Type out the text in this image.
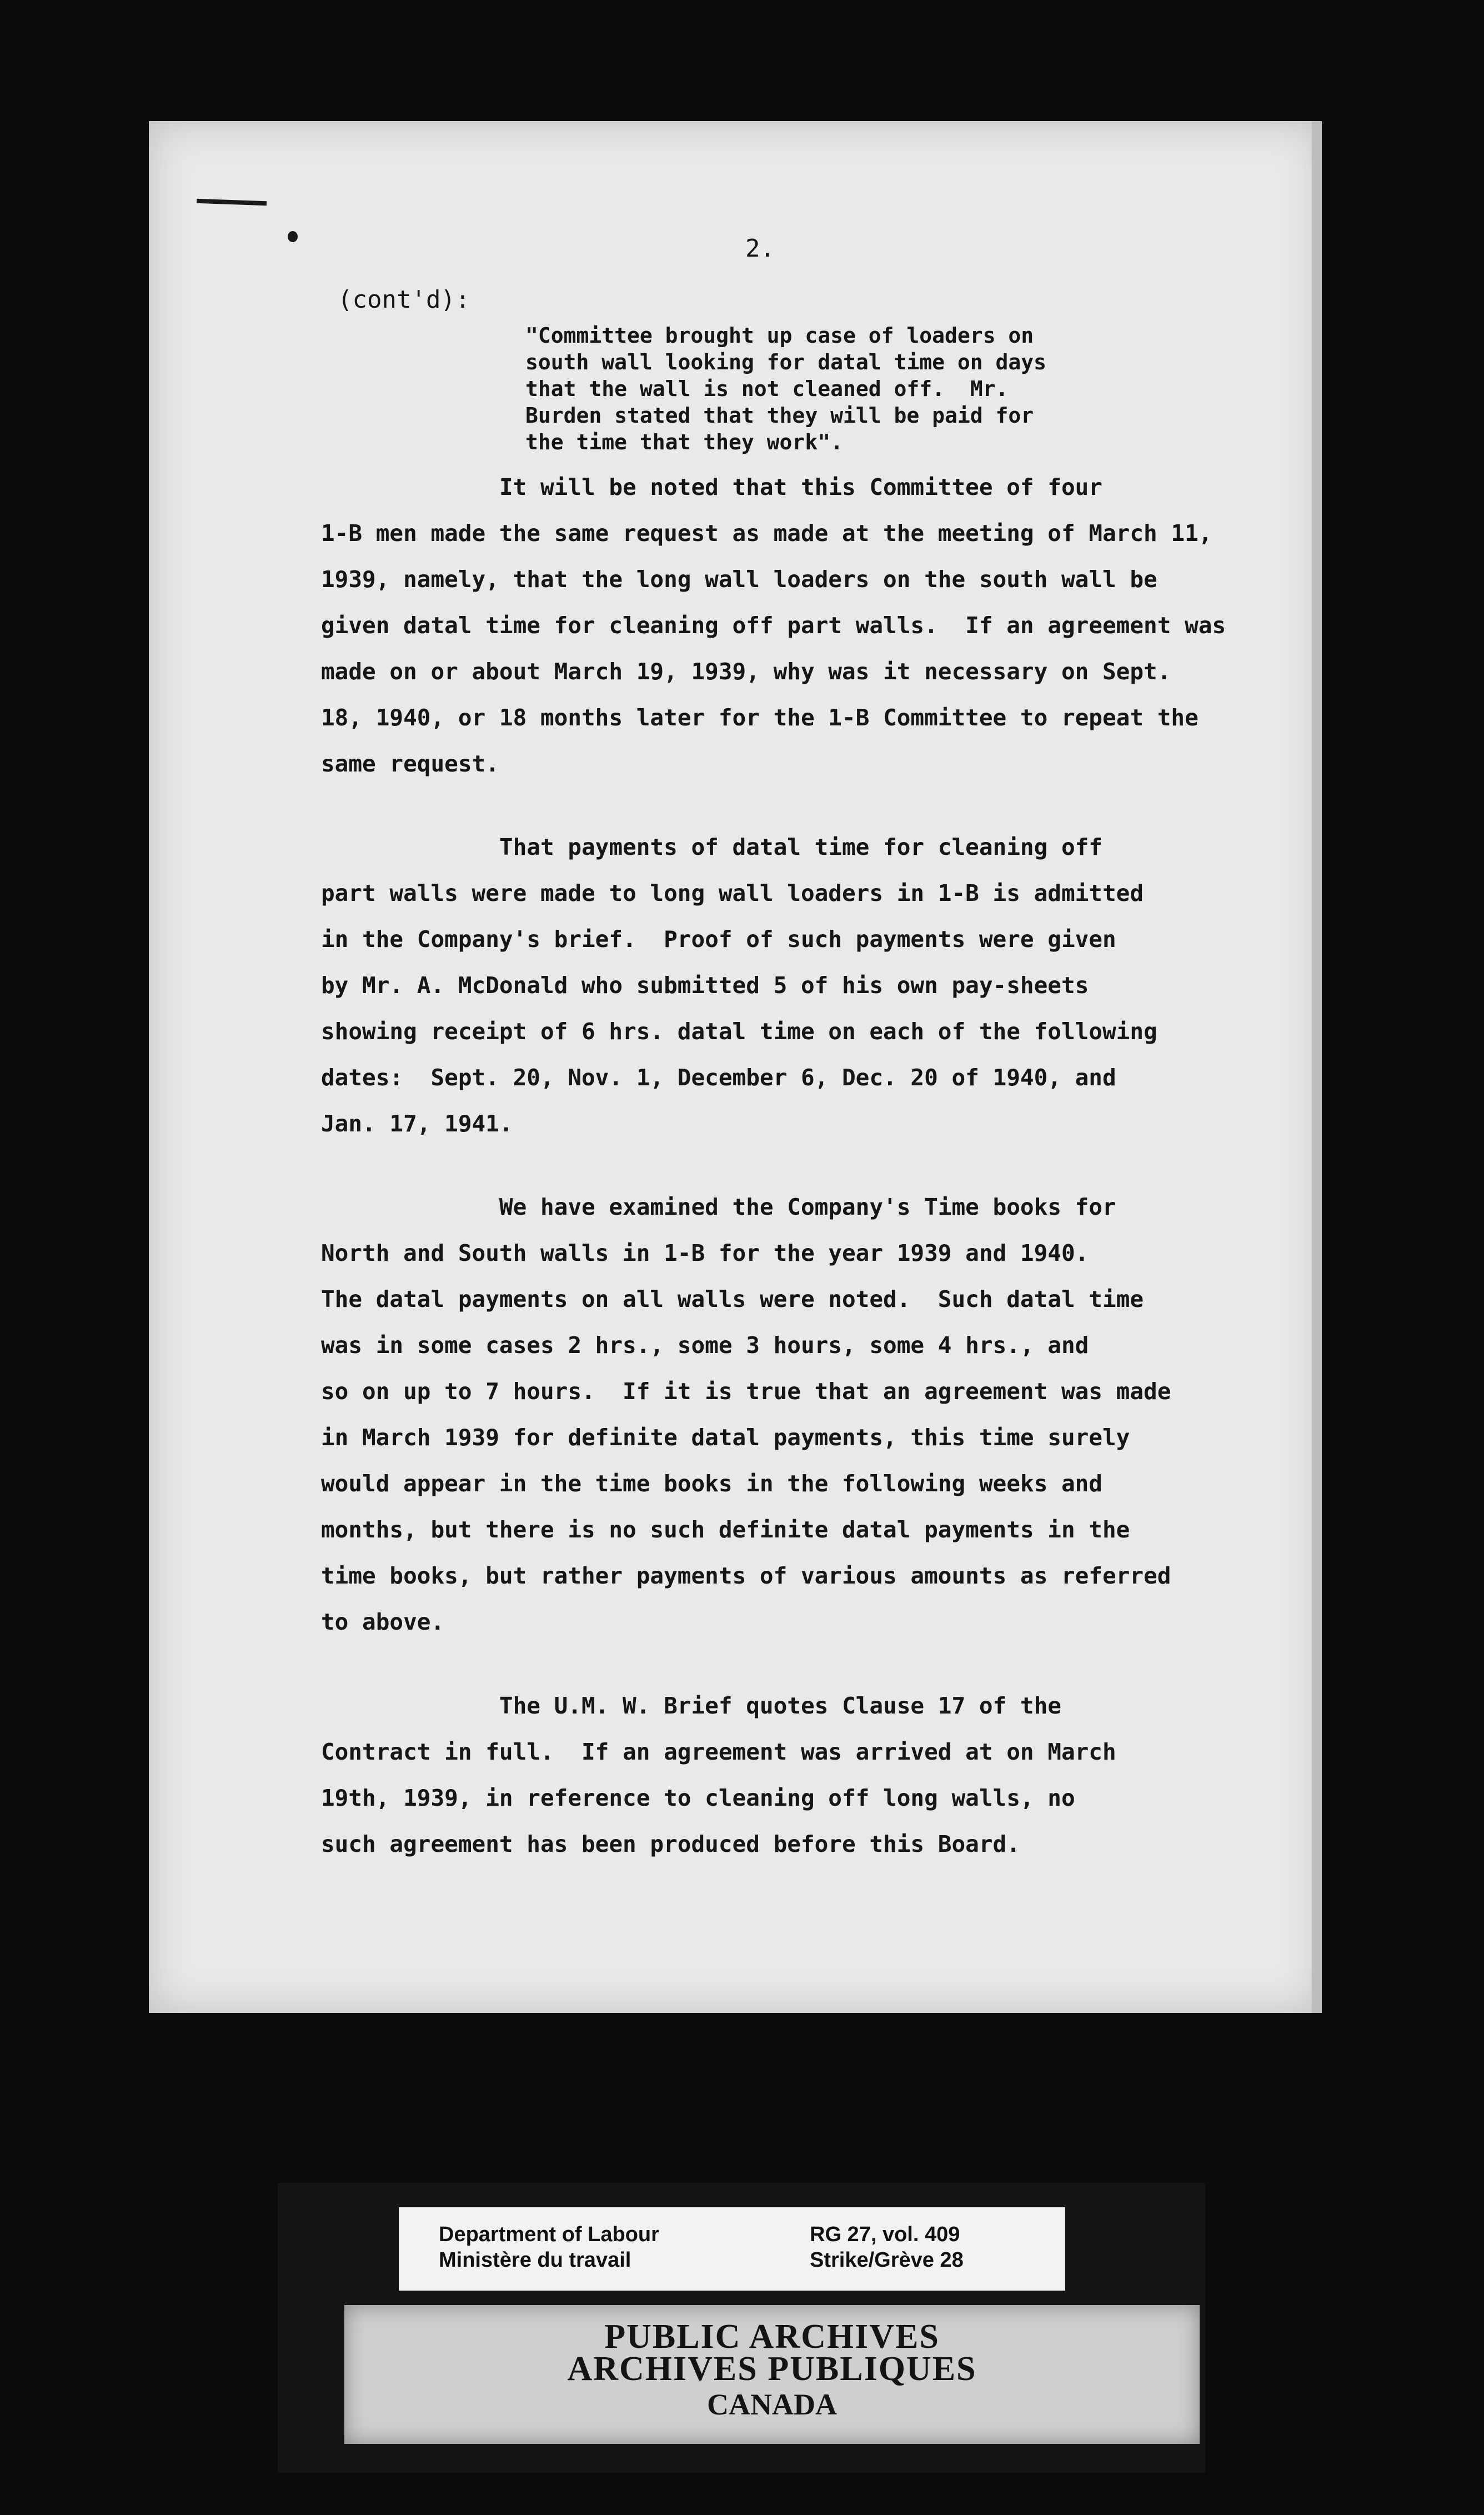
2.
(cont'd):
"Committee brought up case of loaders on
south wall looking for datal time on days
that the wall is not cleaned off.  Mr.
Burden stated that they will be paid for
the time that they work".
It will be noted that this Committee of four
1-B men made the same request as made at the meeting of March 11,
1939, namely, that the long wall loaders on the south wall be
given datal time for cleaning off part walls.  If an agreement was
made on or about March 19, 1939, why was it necessary on Sept.
18, 1940, or 18 months later for the 1-B Committee to repeat the
same request.
That payments of datal time for cleaning off
part walls were made to long wall loaders in 1-B is admitted
in the Company's brief.  Proof of such payments were given
by Mr. A. McDonald who submitted 5 of his own pay-sheets
showing receipt of 6 hrs. datal time on each of the following
dates:  Sept. 20, Nov. 1, December 6, Dec. 20 of 1940, and
Jan. 17, 1941.
We have examined the Company's Time books for
North and South walls in 1-B for the year 1939 and 1940.
The datal payments on all walls were noted.  Such datal time
was in some cases 2 hrs., some 3 hours, some 4 hrs., and
so on up to 7 hours.  If it is true that an agreement was made
in March 1939 for definite datal payments, this time surely
would appear in the time books in the following weeks and
months, but there is no such definite datal payments in the
time books, but rather payments of various amounts as referred
to above.
The U.M. W. Brief quotes Clause 17 of the
Contract in full.  If an agreement was arrived at on March
19th, 1939, in reference to cleaning off long walls, no
such agreement has been produced before this Board.
Department of Labour
Ministère du travail
RG 27, vol. 409
Strike/Grève 28
PUBLIC ARCHIVES
ARCHIVES PUBLIQUES
CANADA
